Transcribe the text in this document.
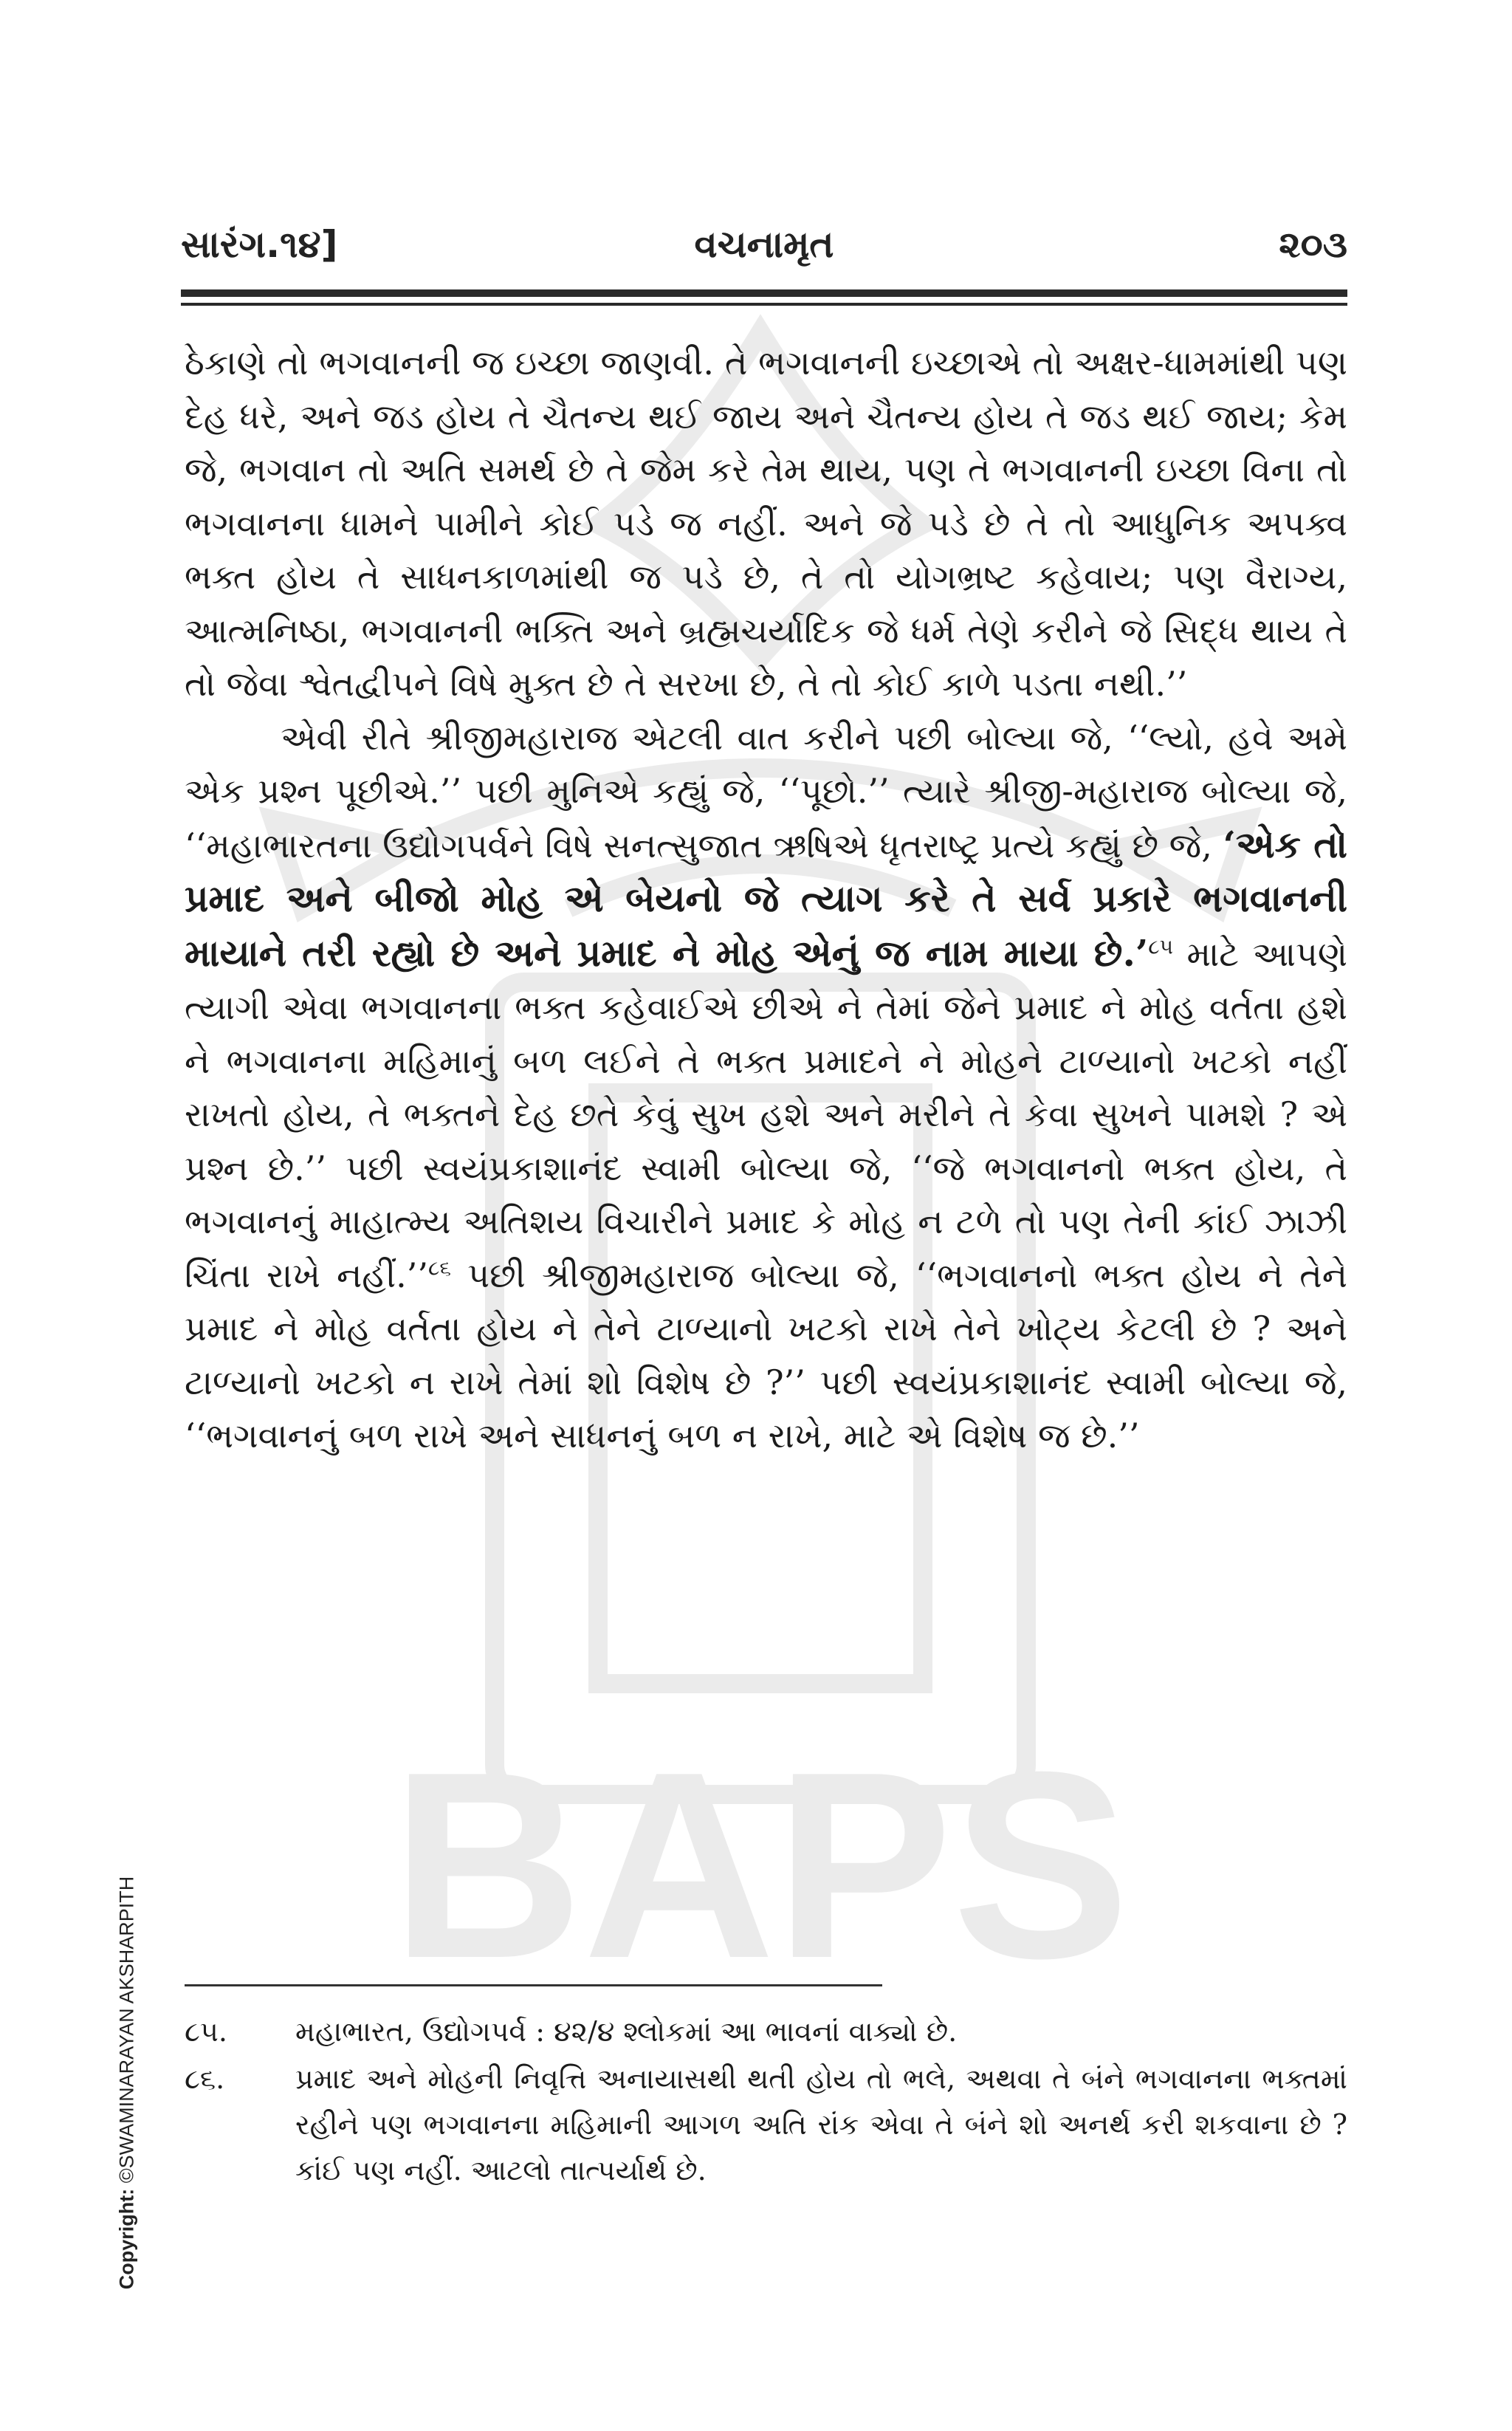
BAPS
સારંગ.૧૪]	વચનામૃત	૨૦૩

ઠેકાણે તો ભગવાનની જ ઇચ્છા જાણવી. તે ભગવાનની ઇચ્છાએ તો અક્ષર-ધામમાંથી પણ દેહ ધરે, અને જડ હોય તે ચૈતન્ય થઈ જાય અને ચૈતન્ય હોય તે જડ થઈ જાય; કેમ જે, ભગવાન તો અતિ સમર્થ છે તે જેમ કરે તેમ થાય, પણ તે ભગવાનની ઇચ્છા વિના તો ભગવાનના ધામને પામીને કોઈ પડે જ નહીં. અને જે પડે છે તે તો આધુનિક અપક્વ ભક્ત હોય તે સાધનકાળમાંથી જ પડે છે, તે તો યોગભ્રષ્ટ કહેવાય; પણ વૈરાગ્ય, આત્મનિષ્ઠા, ભગવાનની ભક્તિ અને બ્રહ્મચર્યાદિક જે ધર્મ તેણે કરીને જે સિદ્ધ થાય તે તો જેવા શ્વેતદ્વીપને વિષે મુક્ત છે તે સરખા છે, તે તો કોઈ કાળે પડતા નથી.’’

એવી રીતે શ્રીજીમહારાજ એટલી વાત કરીને પછી બોલ્યા જે, ‘‘લ્યો, હવે અમે એક પ્રશ્ન પૂછીએ.’’ પછી મુનિએ કહ્યું જે, ‘‘પૂછો.’’ ત્યારે શ્રીજી-મહારાજ બોલ્યા જે, ‘‘મહાભારતના ઉદ્યોગપર્વને વિષે સનત્સુજાત ઋષિએ ધૃતરાષ્ટ્ર પ્રત્યે કહ્યું છે જે, ‘એક તો પ્રમાદ અને બીજો મોહ એ બેયનો જે ત્યાગ કરે તે સર્વ પ્રકારે ભગવાનની માયાને તરી રહ્યો છે અને પ્રમાદ ને મોહ એનું જ નામ માયા છે.’$^{૮૫}$ માટે આપણે ત્યાગી એવા ભગવાનના ભક્ત કહેવાઈએ છીએ ને તેમાં જેને પ્રમાદ ને મોહ વર્તતા હશે ને ભગવાનના મહિમાનું બળ લઈને તે ભક્ત પ્રમાદને ને મોહને ટાળ્યાનો ખટકો નહીં રાખતો હોય, તે ભક્તને દેહ છતે કેવું સુખ હશે અને મરીને તે કેવા સુખને પામશે ? એ પ્રશ્ન છે.’’ પછી સ્વયંપ્રકાશાનંદ સ્વામી બોલ્યા જે, ‘‘જે ભગવાનનો ભક્ત હોય, તે ભગવાનનું માહાત્મ્ય અતિશય વિચારીને પ્રમાદ કે મોહ ન ટળે તો પણ તેની કાંઈ ઝાઝી ચિંતા રાખે નહીં.’’$^{૮૬}$ પછી શ્રીજીમહારાજ બોલ્યા જે, ‘‘ભગવાનનો ભક્ત હોય ને તેને પ્રમાદ ને મોહ વર્તતા હોય ને તેને ટાળ્યાનો ખટકો રાખે તેને ખોટ્ય કેટલી છે ? અને ટાળ્યાનો ખટકો ન રાખે તેમાં શો વિશેષ છે ?’’ પછી સ્વયંપ્રકાશાનંદ સ્વામી બોલ્યા જે, ‘‘ભગવાનનું બળ રાખે અને સાધનનું બળ ન રાખે, માટે એ વિશેષ જ છે.’’

૮૫.	મહાભારત, ઉદ્યોગપર્વ : ૪૨/૪ શ્લોકમાં આ ભાવનાં વાક્યો છે.
૮૬.	પ્રમાદ અને મોહની નિવૃત્તિ અનાયાસથી થતી હોય તો ભલે, અથવા તે બંને ભગવાનના ભક્તમાં રહીને પણ ભગવાનના મહિમાની આગળ અતિ રાંક એવા તે બંને શો અનર્થ કરી શકવાના છે ? કાંઈ પણ નહીં. આટલો તાત્પર્યાર્થ છે.
Copyright: ©SWAMINARAYAN AKSHARPITH
